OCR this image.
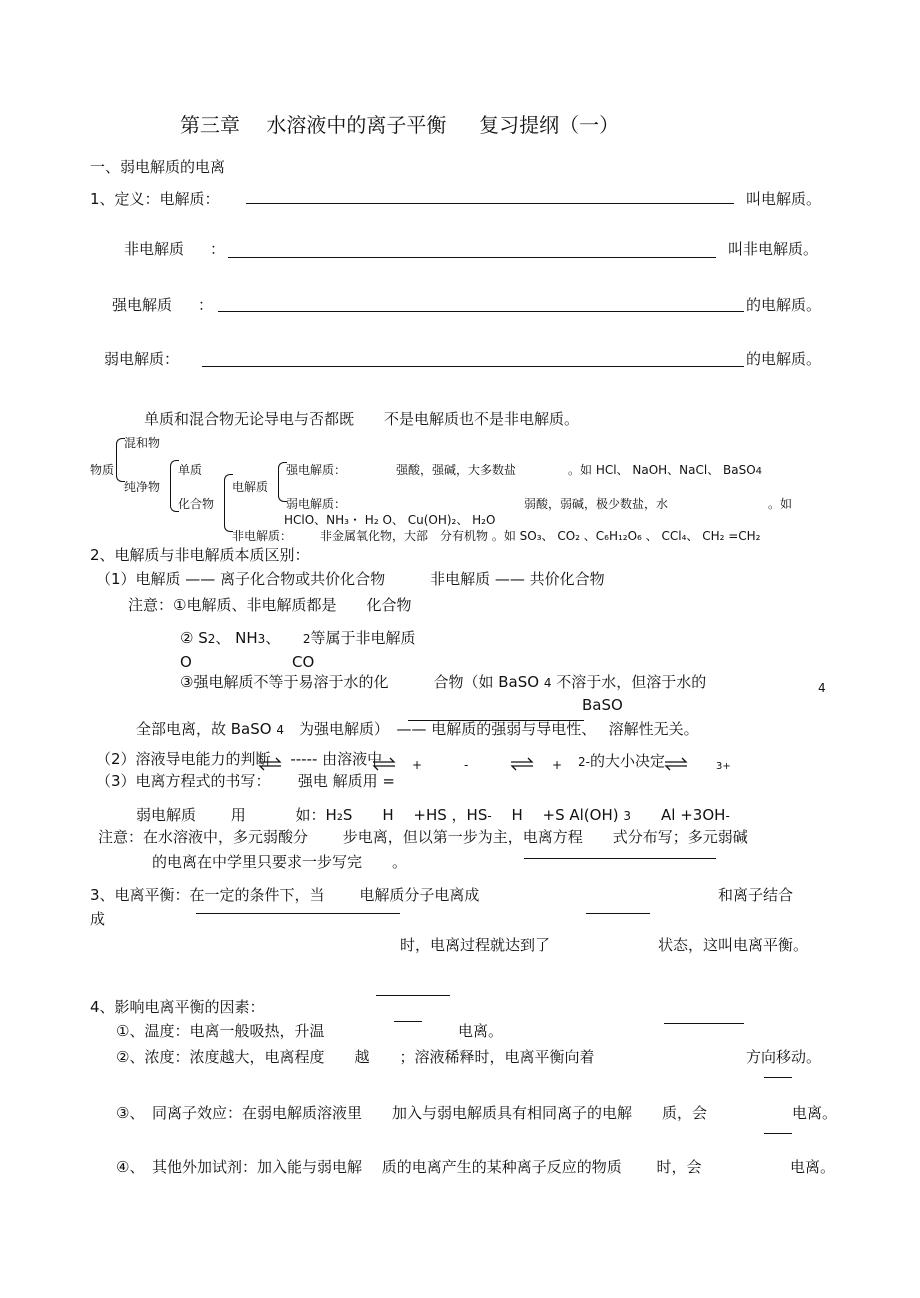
第三章　 水溶液中的离子平衡 　 复习提纲（一）
一、弱电解质的电离
1、定义：电解质：	叫电解质。
非电解质 ：	叫非电解质。
强电解质 ：	的电解质。
弱电解质：	的电解质。
单质和混合物无论导电与否都既　　不是电解质也不是非电解质。
混和物
物质
纯净物
单质
化合物
电解质
强电解质：	强酸，强碱，大多数盐	。如 HCl、 NaOH、NaCl、 BaSO4
弱电解质：	弱酸，弱碱，极少数盐，水	。如
HClO、NH₃・ H₂ O、 Cu(OH)₂、 H₂O
非电解质： 非金属氧化物，大部　分有机物 。如 SO₃、 CO₂ 、C₆H₁₂O₆ 、 CCl₄、 CH₂ =CH₂
2、电解质与非电解质本质区别：
（1）电解质 —— 离子化合物或共价化合物　　　非电解质 —— 共价化合物
注意：①电解质、非电解质都是　　化合物
② S2、 NH3、　　	2等属于非电解质
O	CO
③强电解质不等于易溶于水的化　　　合物（如 BaSO 4 不溶于水，但溶于水的	4
BaSO
全部电离，故 BaSO 4　 为强电解质）　—— 电解质的强弱与导电性、　 溶解性无关。
（2）溶液导电能力的判断　 ----- 由溶液中 +	-	+ 2-的大小决定	3+
（3）电离方程式的书写：　　 强电 解质用 =
弱电解质　　 用　　　 如：H₂S　　H　 +HS ，HS-　 H　 +S Al(OH) 3　　 Al +3OH-
注意：在水溶液中，多元弱酸分　　 步电离，但以第一步为主，电离方程　　式分布写；多元弱碱
的电离在中学里只要求一步写完　　。
3、电离平衡：在一定的条件下，当　　 电解质分子电离成	和离子结合
成
时，电离过程就达到了	状态，这叫电离平衡。
4、影响电离平衡的因素：
①、温度：电离一般吸热，升温	电离。
②、浓度：浓度越大，电离程度　　越　　；溶液稀释时，电离平衡向着	方向移动。
③、　同离子效应：在弱电解质溶液里　　加入与弱电解质具有相同离子的电解　　质，会	电离。
④、　其他外加试剂：加入能与弱电解　 质的电离产生的某种离子反应的物质　　 时，会	电离。
